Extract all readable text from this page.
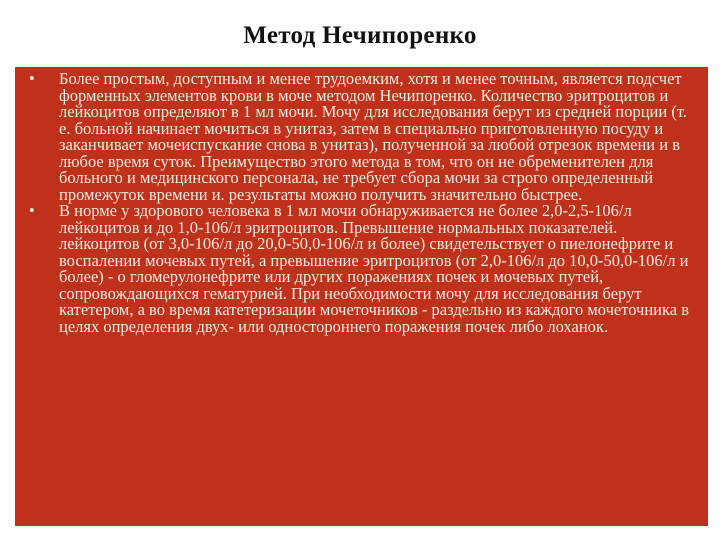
Метод Нечипоренко
•	Более простым, доступным и менее трудоемким, хотя и менее точным, является подсчет форменных элементов крови в моче методом Нечипоренко. Количество эритроцитов и лейкоцитов определяют в 1 мл мочи. Мочу для исследования берут из средней порции (т. е. больной начинает мочиться в унитаз, затем в специально приготовленную посуду и заканчивает мочеиспускание снова в унитаз), полученной за любой отрезок времени и в любое время суток. Преимущество этого метода в том, что он не обременителен для больного и медицинского персонала, не требует сбора мочи за строго определенный промежуток времени и. результаты можно получить значительно быстрее.
•	В норме у здорового человека в 1 мл мочи обнаруживается не более 2,0-2,5-106/л лейкоцитов и до 1,0-106/л эритроцитов. Превышение нормальных показателей. лейкоцитов (от 3,0-106/л до 20,0-50,0-106/л и более) свидетельствует о пиелонефрите и воспалении мочевых путей, а превышение эритроцитов (от 2,0-106/л до 10,0-50,0-106/л и более) - о гломерулонефрите или других поражениях почек и мочевых путей, сопровождающихся гематурией. При необходимости мочу для исследования берут катетером, а во время катетеризации мочеточников - раздельно из каждого мочеточника в целях определения двух- или одностороннего поражения почек либо лоханок.
